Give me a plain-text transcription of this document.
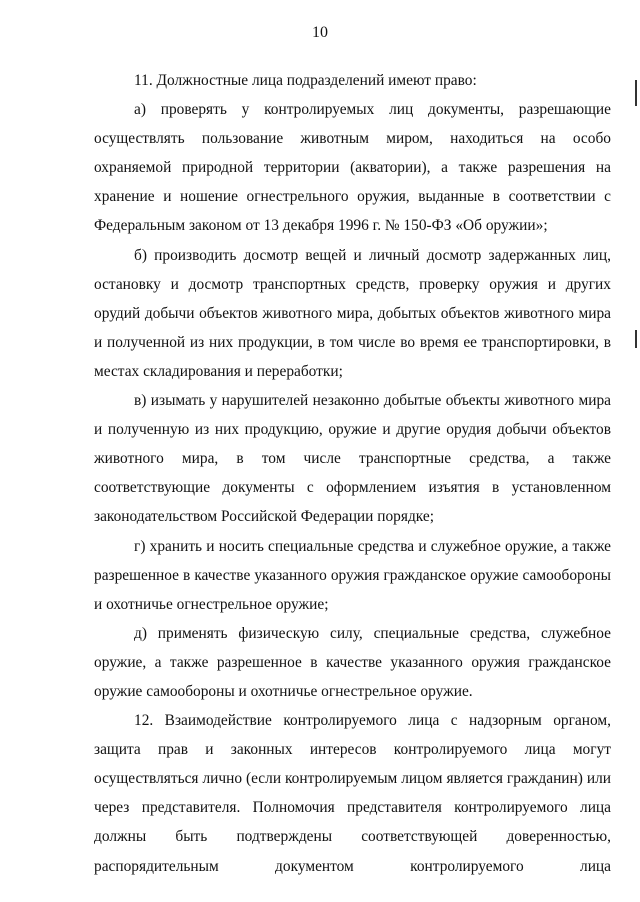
10

11. Должностные лица подразделений имеют право:

а) проверять у контролируемых лиц документы, разрешающие осуществлять пользование животным миром, находиться на особо охраняемой природной территории (акватории), а также разрешения на хранение и ношение огнестрельного оружия, выданные в соответствии с Федеральным законом от 13 декабря 1996 г. № 150-ФЗ «Об оружии»;

б) производить досмотр вещей и личный досмотр задержанных лиц, остановку и досмотр транспортных средств, проверку оружия и других орудий добычи объектов животного мира, добытых объектов животного мира и полученной из них продукции, в том числе во время ее транспортировки, в местах складирования и переработки;

в) изымать у нарушителей незаконно добытые объекты животного мира и полученную из них продукцию, оружие и другие орудия добычи объектов животного мира, в том числе транспортные средства, а также соответствующие документы с оформлением изъятия в установленном законодательством Российской Федерации порядке;

г) хранить и носить специальные средства и служебное оружие, а также разрешенное в качестве указанного оружия гражданское оружие самообороны и охотничье огнестрельное оружие;

д) применять физическую силу, специальные средства, служебное оружие, а также разрешенное в качестве указанного оружия гражданское оружие самообороны и охотничье огнестрельное оружие.

12. Взаимодействие контролируемого лица с надзорным органом, защита прав и законных интересов контролируемого лица могут осуществляться лично (если контролируемым лицом является гражданин) или через представителя. Полномочия представителя контролируемого лица должны быть подтверждены соответствующей доверенностью, распорядительным документом контролируемого лица
